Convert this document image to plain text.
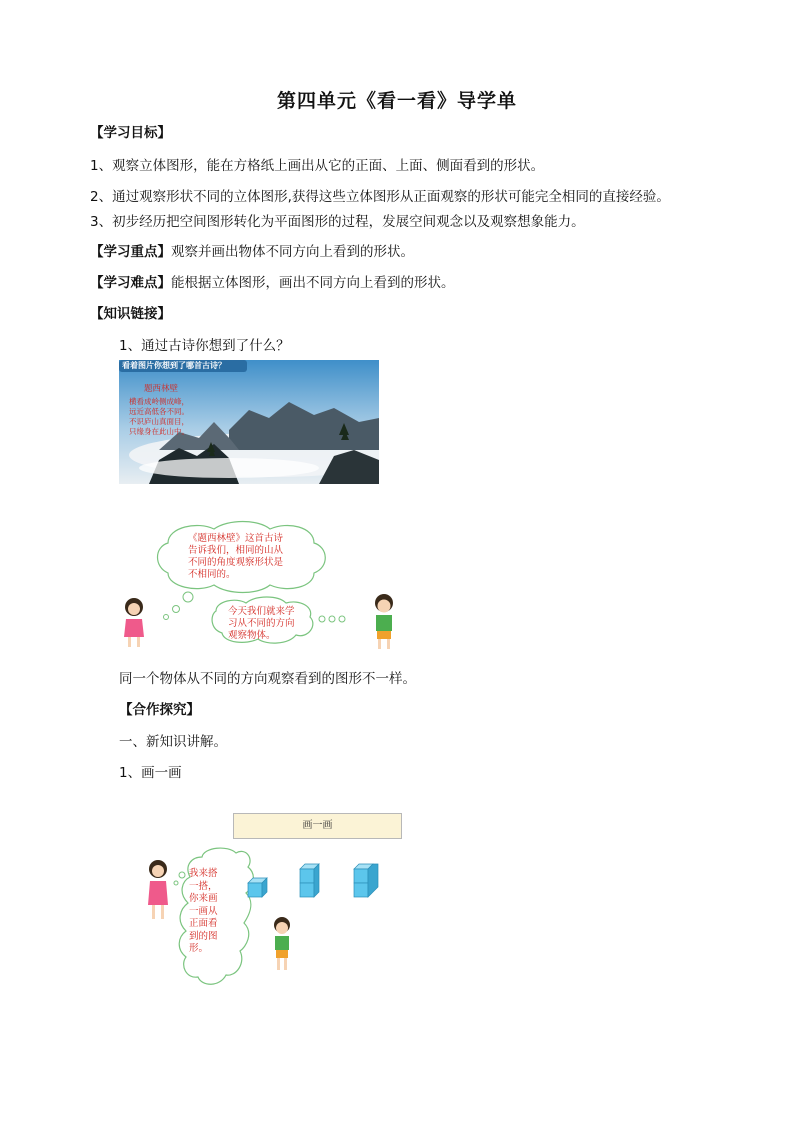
第四单元《看一看》导学单
【学习目标】
1、观察立体图形，能在方格纸上画出从它的正面、上面、侧面看到的形状。
2、通过观察形状不同的立体图形,获得这些立体图形从正面观察的形状可能完全相同的直接经验。
3、初步经历把空间图形转化为平面图形的过程，发展空间观念以及观察想象能力。
【学习重点】观察并画出物体不同方向上看到的形状。
【学习难点】能根据立体图形，画出不同方向上看到的形状。
【知识链接】
1、通过古诗你想到了什么？
看着图片你想到了哪首古诗？
题西林壁
横看成岭侧成峰，
远近高低各不同。
不识庐山真面目，
只缘身在此山中。
《题西林壁》这首古诗
告诉我们，相同的山从
不同的角度观察形状是
不相同的。
今天我们就来学
习从不同的方向
观察物体。
同一个物体从不同的方向观察看到的图形不一样。
【合作探究】
一、新知识讲解。
1、画一画
画一画
我来搭
一搭，
你来画
一画从
正面看
到的图
形。
